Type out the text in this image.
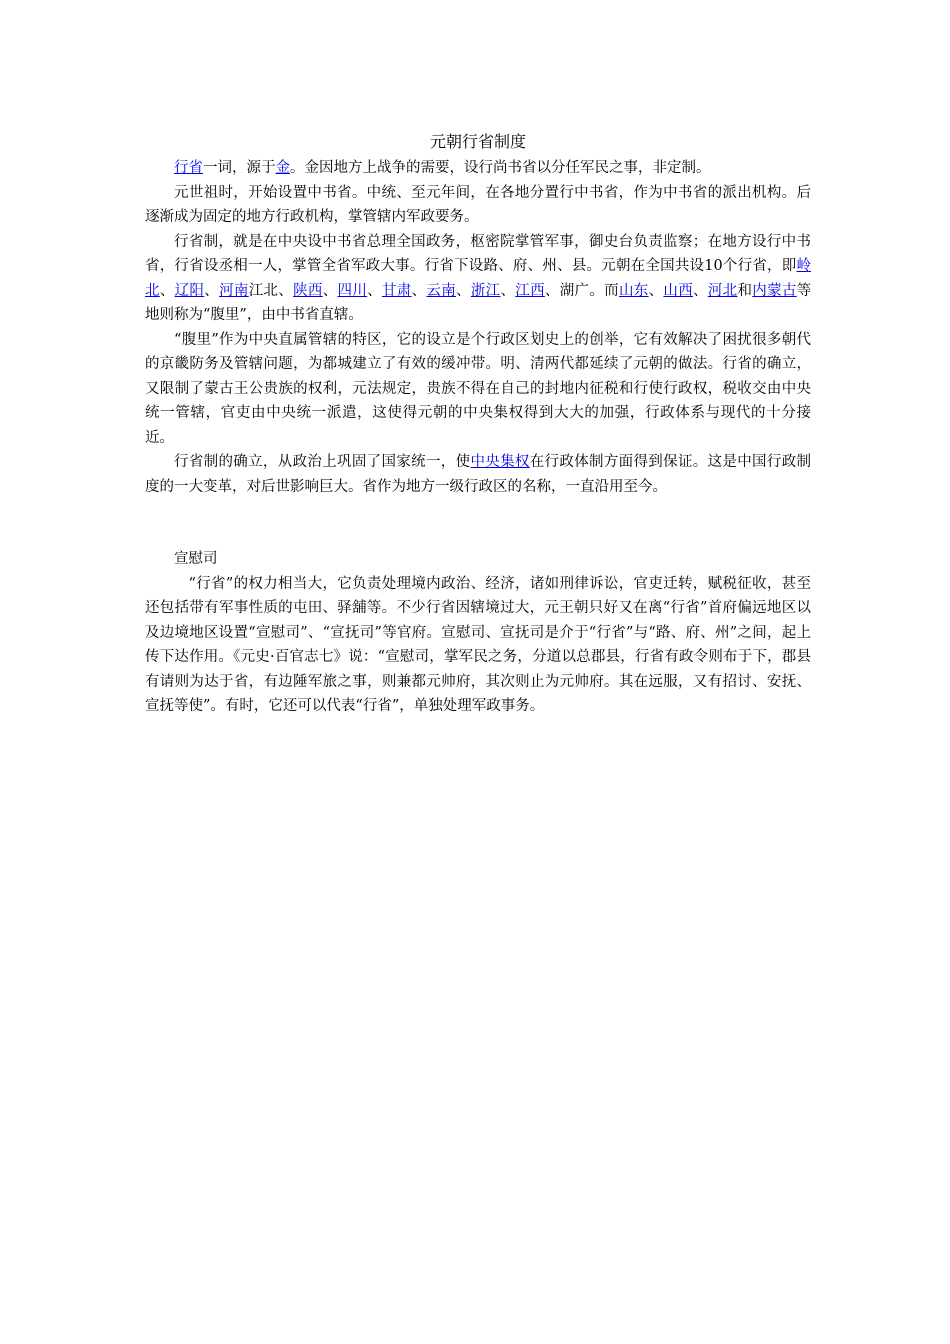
元朝行省制度

行省一词，源于金。金因地方上战争的需要，设行尚书省以分任军民之事，非定制。

元世祖时，开始设置中书省。中统、至元年间，在各地分置行中书省，作为中书省的派出机构。后逐渐成为固定的地方行政机构，掌管辖内军政要务。

行省制，就是在中央设中书省总理全国政务，枢密院掌管军事，御史台负责监察；在地方设行中书省，行省设丞相一人，掌管全省军政大事。行省下设路、府、州、县。元朝在全国共设10个行省，即岭北、辽阳、河南江北、陕西、四川、甘肃、云南、浙江、江西、湖广。而山东、山西、河北和内蒙古等地则称为“腹里”，由中书省直辖。

“腹里”作为中央直属管辖的特区，它的设立是个行政区划史上的创举，它有效解决了困扰很多朝代的京畿防务及管辖问题，为都城建立了有效的缓冲带。明、清两代都延续了元朝的做法。行省的确立，又限制了蒙古王公贵族的权利，元法规定，贵族不得在自己的封地内征税和行使行政权，税收交由中央统一管辖，官吏由中央统一派遣，这使得元朝的中央集权得到大大的加强，行政体系与现代的十分接近。

行省制的确立，从政治上巩固了国家统一，使中央集权在行政体制方面得到保证。这是中国行政制度的一大变革，对后世影响巨大。省作为地方一级行政区的名称，一直沿用至今。

宣慰司

“行省”的权力相当大，它负责处理境内政治、经济，诸如刑律诉讼，官吏迁转，赋税征收，甚至还包括带有军事性质的屯田、驿舖等。不少行省因辖境过大，元王朝只好又在离“行省”首府偏远地区以及边境地区设置“宣慰司”、“宣抚司”等官府。宣慰司、宣抚司是介于“行省”与“路、府、州”之间，起上传下达作用。《元史·百官志七》说：“宣慰司，掌军民之务，分道以总郡县，行省有政令则布于下，郡县有请则为达于省，有边陲军旅之事，则兼都元帅府，其次则止为元帅府。其在远服，又有招讨、安抚、宣抚等使”。有时，它还可以代表“行省”，单独处理军政事务。
